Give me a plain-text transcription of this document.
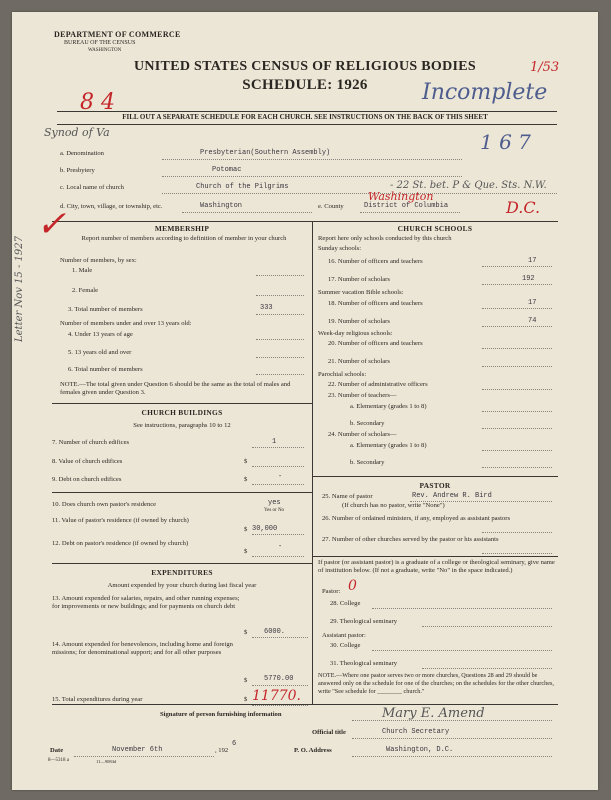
DEPARTMENT OF COMMERCE
BUREAU OF THE CENSUS
WASHINGTON
UNITED STATES CENSUS OF RELIGIOUS BODIES
SCHEDULE: 1926
8 4	Incomplete
1/53
FILL OUT A SEPARATE SCHEDULE FOR EACH CHURCH. SEE INSTRUCTIONS ON THE BACK OF THIS SHEET
Synod of Va	1 6 7
a. Denomination	Presbyterian(Southern Assembly)
b. Presbytery	Potomac
c. Local name of church	Church of the Pilgrims	- 22 St. bet. P & Que. Sts. N.W.
d. City, town, village, or township, etc.	Washington	e. County	District of Columbia
Washington
D.C.
✓
Letter Nov 15 - 1927
MEMBERSHIP
Report number of members according to definition of member in your church
Number of members, by sex:
1. Male
2. Female
3. Total number of members	333
Number of members under and over 13 years old:
4. Under 13 years of age
5. 13 years old and over
6. Total number of members
NOTE.—The total given under Question 6 should be the same as the total of males and females given under Question 3.
CHURCH BUILDINGS
See instructions, paragraphs 10 to 12
7. Number of church edifices	1
8. Value of church edifices	$
9. Debt on church edifices	$	-
10. Does church own pastor's residence	yes
Yes or No
11. Value of pastor's residence (if owned by church)
$ 30,000
12. Debt on pastor's residence (if owned by church)
$
-
EXPENDITURES
Amount expended by your church during last fiscal year
13. Amount expended for salaries, repairs, and other running expenses; for improvements or new buildings; and for payments on church debt
$ 6000.
14. Amount expended for benevolences, including home and foreign missions; for denominational support; and for all other purposes
$ 5770.00
15. Total expenditures during year	$ 11770.
CHURCH SCHOOLS
Report here only schools conducted by this church
Sunday schools:
16. Number of officers and teachers	17
17. Number of scholars	192
Summer vacation Bible schools:
18. Number of officers and teachers	17
19. Number of scholars	74
Week-day religious schools:
20. Number of officers and teachers
21. Number of scholars
Parochial schools:
22. Number of administrative officers
23. Number of teachers—
a. Elementary (grades 1 to 8)
b. Secondary
24. Number of scholars—
a. Elementary (grades 1 to 8)
b. Secondary
PASTOR
25. Name of pastor	Rev. Andrew R. Bird
(If church has no pastor, write "None")
26. Number of ordained ministers, if any, employed as assistant pastors
27. Number of other churches served by the pastor or his assistants
If pastor (or assistant pastor) is a graduate of a college or theological seminary, give name of institution below. (If not a graduate, write "No" in the space indicated.)
Pastor: 0
28. College
29. Theological seminary
Assistant pastor:
30. College
31. Theological seminary
NOTE.—Where one pastor serves two or more churches, Questions 28 and 29 should be answered only on the schedule for one of the churches; on the schedules for the other churches, write "See schedule for ________ church."
Signature of person furnishing information	Mary E. Amend
Official title	Church Secretary
Date	November 6th	, 192
6
P. O. Address	Washington, D.C.
8—5318 a	11—9084d
